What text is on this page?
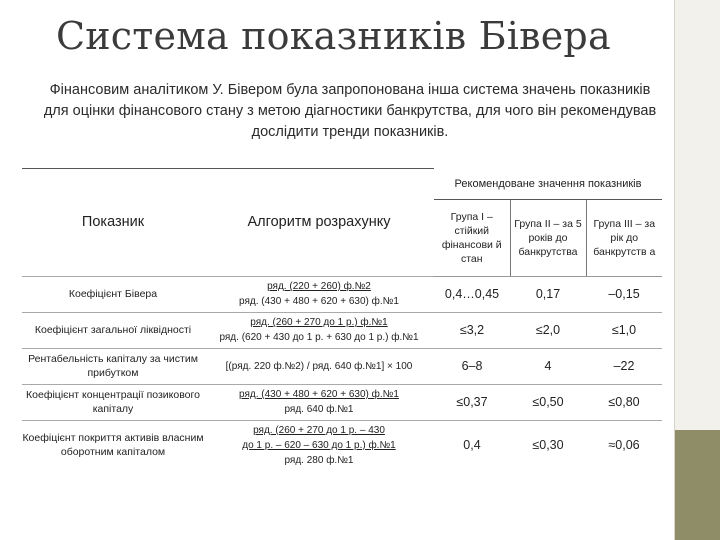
Система показників Бівера
Фінансовим аналітиком У. Бівером була запропонована інша система значень показників для оцінки фінансового стану з метою діагностики банкрутства, для чого він рекомендував дослідити тренди показників.
Показник	Алгоритм розрахунку	Рекомендоване значення показників		
		Група I – стійкий фінансови й стан	Група II – за 5 років до банкрутства	Група III – за рік до банкрутств а
Коефіцієнт Бівера	ряд. (220 + 260) ф.№2
ряд. (430 + 480 + 620 + 630) ф.№1	0,4…0,45	0,17	–0,15
Коефіцієнт загальної ліквідності	ряд. (260 + 270 до 1 р.) ф.№1
ряд. (620 + 430 до 1 р. + 630 до 1 р.) ф.№1	≤3,2	≤2,0	≤1,0
Рентабельність капіталу за чистим прибутком	[(ряд. 220 ф.№2) / ряд. 640 ф.№1] × 100	6–8	4	–22
Коефіцієнт концентрації позикового капіталу	ряд. (430 + 480 + 620 + 630) ф.№1
ряд. 640 ф.№1	≤0,37	≤0,50	≤0,80
Коефіцієнт покриття активів власним оборотним капіталом	ряд. (260 + 270 до 1 р. – 430
до 1 р. – 620 – 630 до 1 р.) ф.№1
ряд. 280 ф.№1	0,4	≤0,30	≈0,06
